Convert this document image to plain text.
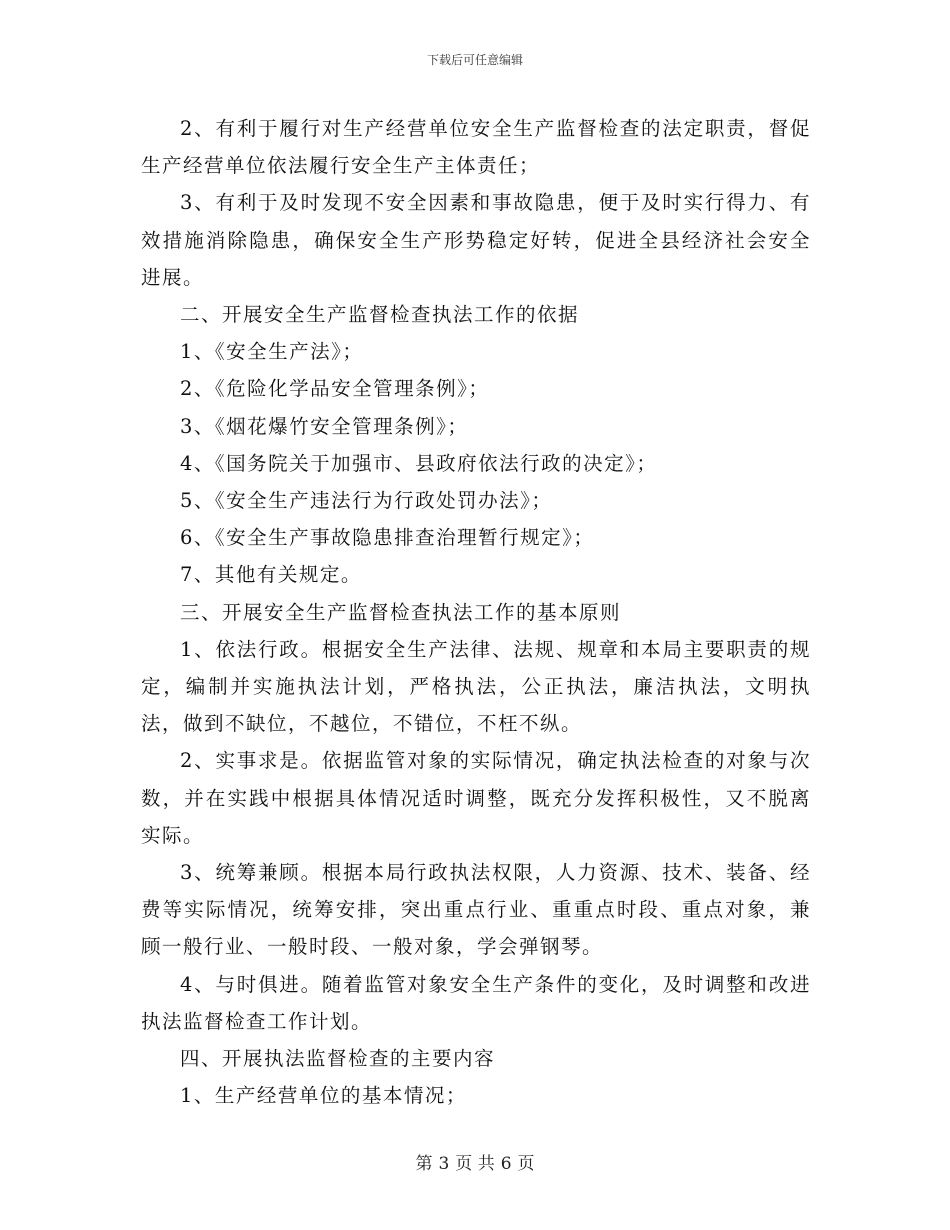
下载后可任意编辑

2、有利于履行对生产经营单位安全生产监督检查的法定职责，督促生产经营单位依法履行安全生产主体责任；

3、有利于及时发现不安全因素和事故隐患，便于及时实行得力、有效措施消除隐患，确保安全生产形势稳定好转，促进全县经济社会安全进展。

二、开展安全生产监督检查执法工作的依据

1、《安全生产法》；

2、《危险化学品安全管理条例》；

3、《烟花爆竹安全管理条例》；

4、《国务院关于加强市、县政府依法行政的决定》；

5、《安全生产违法行为行政处罚办法》；

6、《安全生产事故隐患排查治理暂行规定》；

7、其他有关规定。

三、开展安全生产监督检查执法工作的基本原则

1、依法行政。根据安全生产法律、法规、规章和本局主要职责的规定，编制并实施执法计划，严格执法，公正执法，廉洁执法，文明执法，做到不缺位，不越位，不错位，不枉不纵。

2、实事求是。依据监管对象的实际情况，确定执法检查的对象与次数，并在实践中根据具体情况适时调整，既充分发挥积极性，又不脱离实际。

3、统筹兼顾。根据本局行政执法权限，人力资源、技术、装备、经费等实际情况，统筹安排，突出重点行业、重重点时段、重点对象，兼顾一般行业、一般时段、一般对象，学会弹钢琴。

4、与时俱进。随着监管对象安全生产条件的变化，及时调整和改进执法监督检查工作计划。

四、开展执法监督检查的主要内容

1、生产经营单位的基本情况；

第 3 页 共 6 页
